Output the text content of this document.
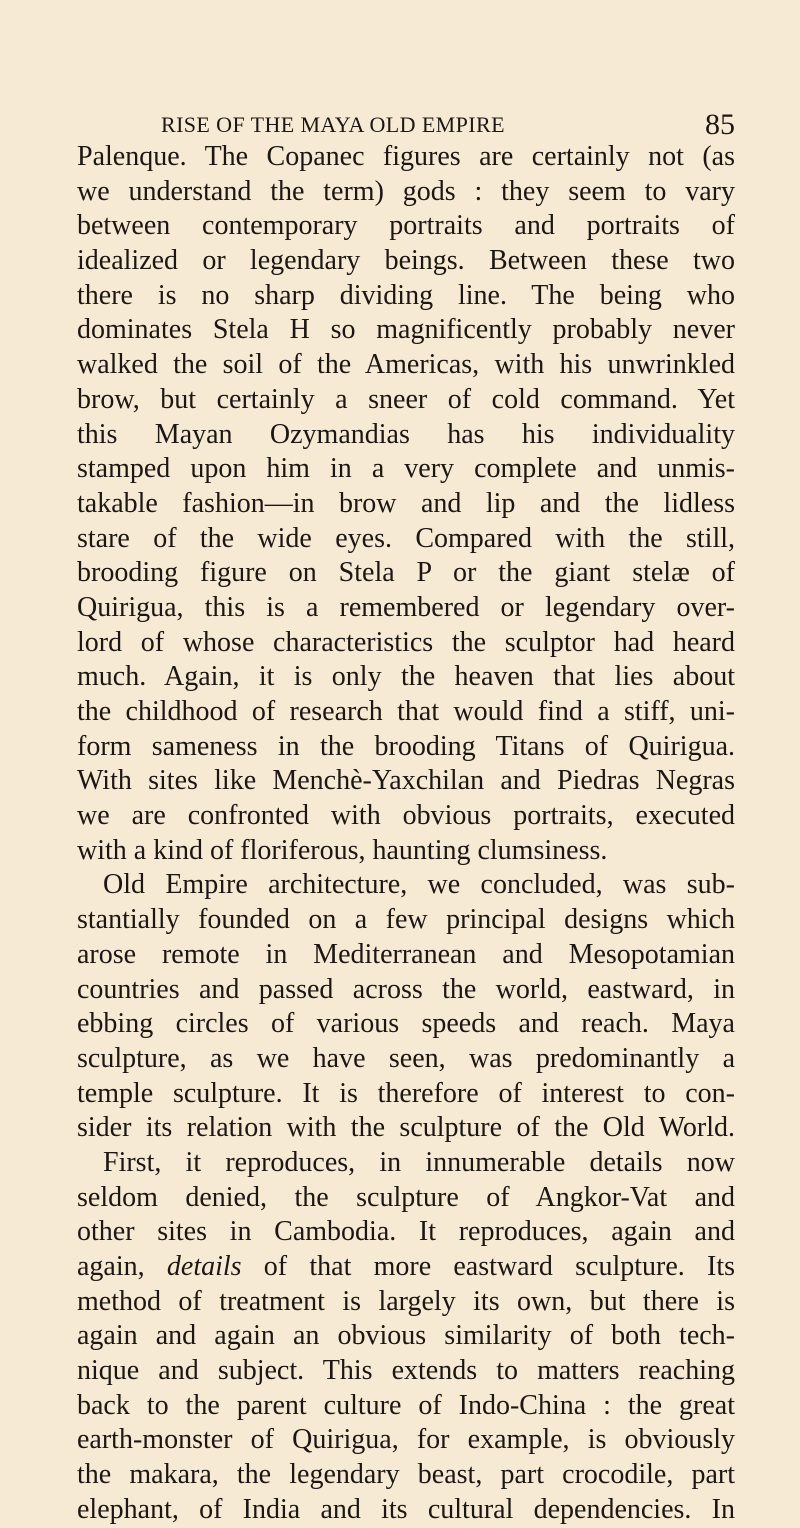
RISE OF THE MAYA OLD EMPIRE	85
Palenque. The Copanec figures are certainly not (as
we understand the term) gods : they seem to vary
between contemporary portraits and portraits of
idealized or legendary beings. Between these two
there is no sharp dividing line. The being who
dominates Stela H so magnificently probably never
walked the soil of the Americas, with his unwrinkled
brow, but certainly a sneer of cold command. Yet
this Mayan Ozymandias has his individuality
stamped upon him in a very complete and unmis-
takable fashion—in brow and lip and the lidless
stare of the wide eyes. Compared with the still,
brooding figure on Stela P or the giant stelæ of
Quirigua, this is a remembered or legendary over-
lord of whose characteristics the sculptor had heard
much. Again, it is only the heaven that lies about
the childhood of research that would find a stiff, uni-
form sameness in the brooding Titans of Quirigua.
With sites like Menchè-Yaxchilan and Piedras Negras
we are confronted with obvious portraits, executed
with a kind of floriferous, haunting clumsiness.
Old Empire architecture, we concluded, was sub-
stantially founded on a few principal designs which
arose remote in Mediterranean and Mesopotamian
countries and passed across the world, eastward, in
ebbing circles of various speeds and reach. Maya
sculpture, as we have seen, was predominantly a
temple sculpture. It is therefore of interest to con-
sider its relation with the sculpture of the Old World.
First, it reproduces, in innumerable details now
seldom denied, the sculpture of Angkor-Vat and
other sites in Cambodia. It reproduces, again and
again, details of that more eastward sculpture. Its
method of treatment is largely its own, but there is
again and again an obvious similarity of both tech-
nique and subject. This extends to matters reaching
back to the parent culture of Indo-China : the great
earth-monster of Quirigua, for example, is obviously
the makara, the legendary beast, part crocodile, part
elephant, of India and its cultural dependencies. In
